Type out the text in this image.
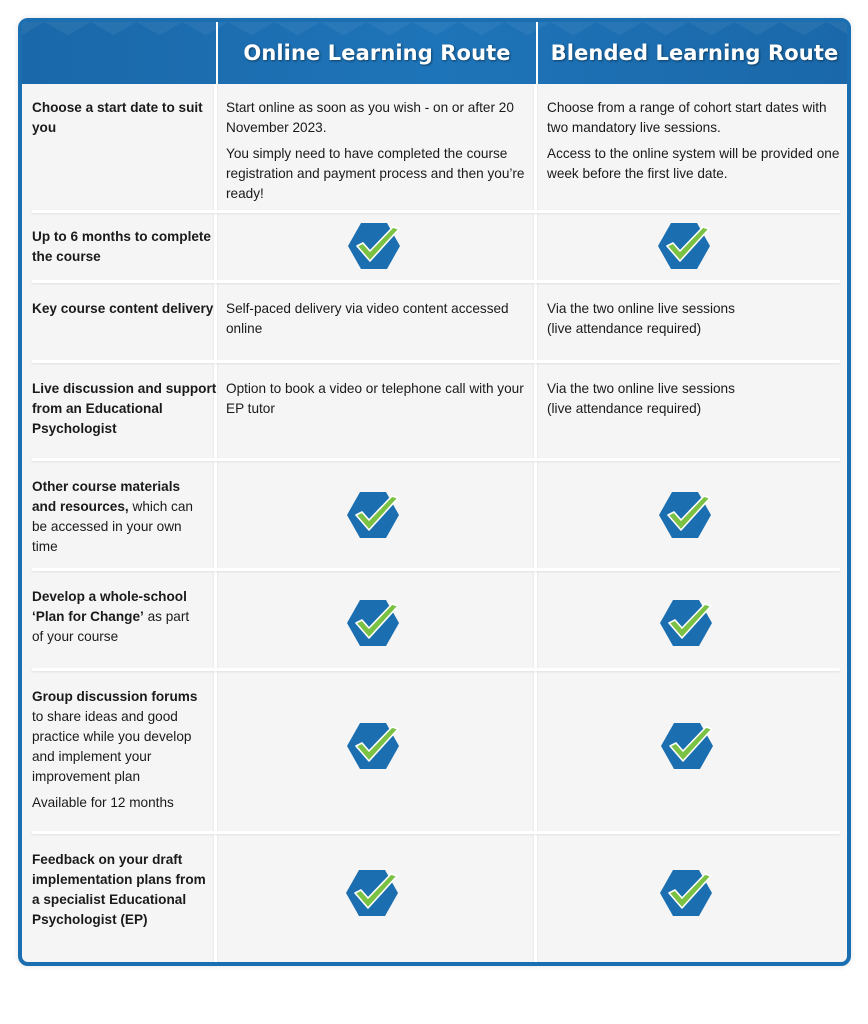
Online Learning Route Blended Learning Route
Choose a start date to suit you

Start online as soon as you wish - on or after 20 November 2023.

You simply need to have completed the course registration and payment process and then you’re ready!

Choose from a range of cohort start dates with two mandatory live sessions.

Access to the online system will be provided one week before the first live date.

Up to 6 months to complete the course
Key course content delivery Self-paced delivery via video content accessed online

Via the two online live sessions (live attendance required)

Live discussion and support from an Educational Psychologist

Option to book a video or telephone call with your EP tutor

Via the two online live sessions (live attendance required)

Other course materials and resources, which can be accessed in your own time
Develop a whole-school ‘Plan for Change’ as part of your course

Group discussion forums to share ideas and good practice while you develop and implement your improvement plan

Available for 12 months

Feedback on your draft implementation plans from a specialist Educational Psychologist (EP)
